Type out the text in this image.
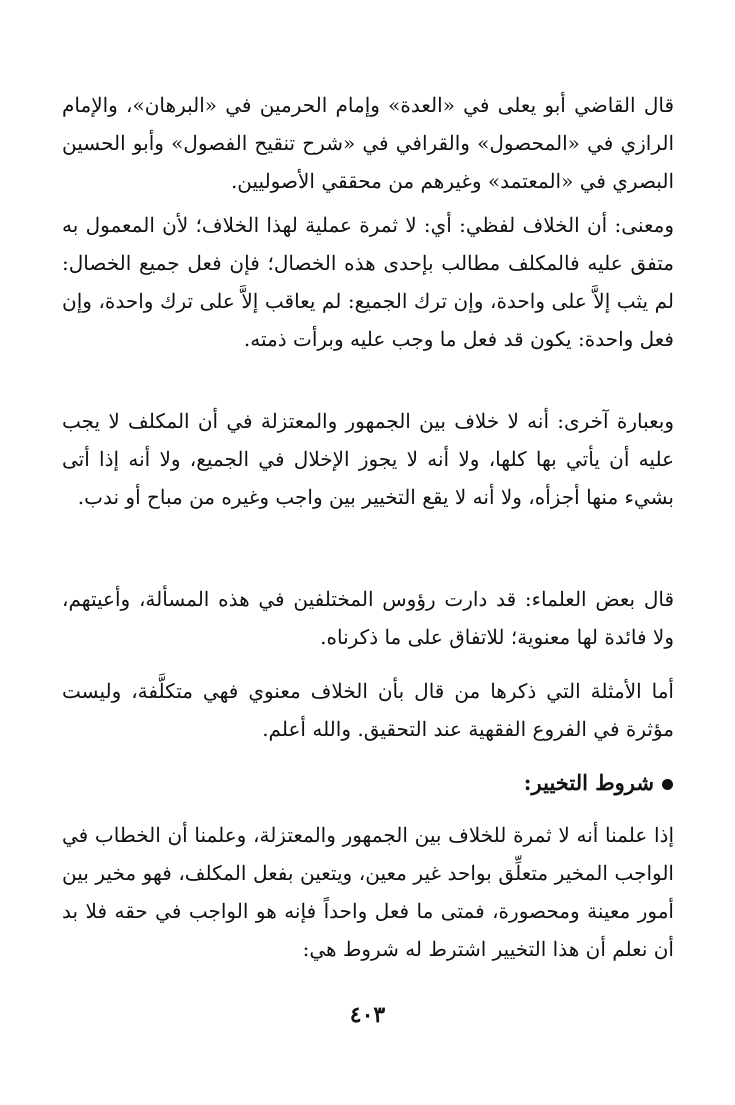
قال القاضي أبو يعلى في «العدة» وإمام الحرمين في «البرهان»، والإمام الرازي في «المحصول» والقرافي في «شرح تنقيح الفصول» وأبو الحسين البصري في «المعتمد» وغيرهم من محققي الأصوليين.

ومعنى: أن الخلاف لفظي: أي: لا ثمرة عملية لهذا الخلاف؛ لأن المعمول به متفق عليه فالمكلف مطالب بإحدى هذه الخصال؛ فإن فعل جميع الخصال: لم يثب إلاَّ على واحدة، وإن ترك الجميع: لم يعاقب إلاَّ على ترك واحدة، وإن فعل واحدة: يكون قد فعل ما وجب عليه وبرأت ذمته.

وبعبارة آخرى: أنه لا خلاف بين الجمهور والمعتزلة في أن المكلف لا يجب عليه أن يأتي بها كلها، ولا أنه لا يجوز الإخلال في الجميع، ولا أنه إذا أتى بشيء منها أجزأه، ولا أنه لا يقع التخيير بين واجب وغيره من مباح أو ندب.

قال بعض العلماء: قد دارت رؤوس المختلفين في هذه المسألة، وأعيتهم، ولا فائدة لها معنوية؛ للاتفاق على ما ذكرناه.

أما الأمثلة التي ذكرها من قال بأن الخلاف معنوي فهي متكلَّفة، وليست مؤثرة في الفروع الفقهية عند التحقيق. والله أعلم.

شروط التخيير:

إذا علمنا أنه لا ثمرة للخلاف بين الجمهور والمعتزلة، وعلمنا أن الخطاب في الواجب المخير متعلِّق بواحد غير معين، ويتعين بفعل المكلف، فهو مخير بين أمور معينة ومحصورة، فمتى ما فعل واحداً فإنه هو الواجب في حقه فلا بد أن نعلم أن هذا التخيير اشترط له شروط هي:

٤٠٣
